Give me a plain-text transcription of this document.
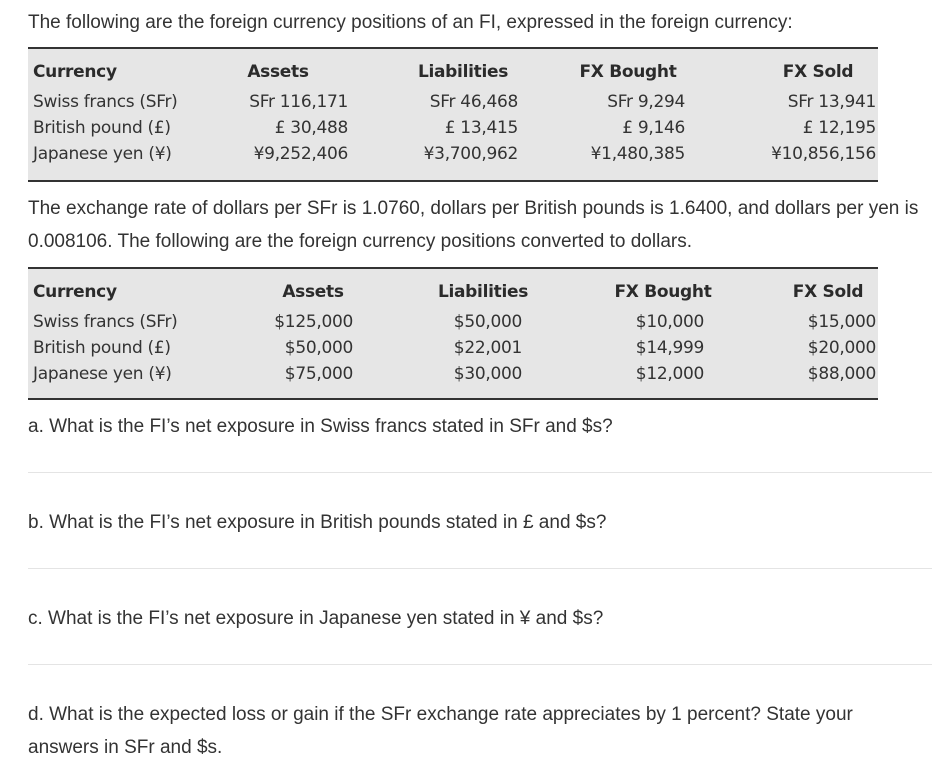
The following are the foreign currency positions of an FI, expressed in the foreign currency:

Currency	Assets	Liabilities	FX Bought	FX Sold
Swiss francs (SFr)	SFr 116,171	SFr 46,468	SFr 9,294	SFr 13,941
British pound (£)	£ 30,488	£ 13,415	£ 9,146	£ 12,195
Japanese yen (¥)	¥9,252,406	¥3,700,962	¥1,480,385	¥10,856,156

The exchange rate of dollars per SFr is 1.0760, dollars per British pounds is 1.6400, and dollars per yen is 0.008106. The following are the foreign currency positions converted to dollars.

Currency	Assets	Liabilities	FX Bought	FX Sold
Swiss francs (SFr)	$125,000	$50,000	$10,000	$15,000
British pound (£)	$50,000	$22,001	$14,999	$20,000
Japanese yen (¥)	$75,000	$30,000	$12,000	$88,000

a. What is the FI’s net exposure in Swiss francs stated in SFr and $s?

b. What is the FI’s net exposure in British pounds stated in £ and $s?

c. What is the FI’s net exposure in Japanese yen stated in ¥ and $s?

d. What is the expected loss or gain if the SFr exchange rate appreciates by 1 percent? State your answers in SFr and $s.
